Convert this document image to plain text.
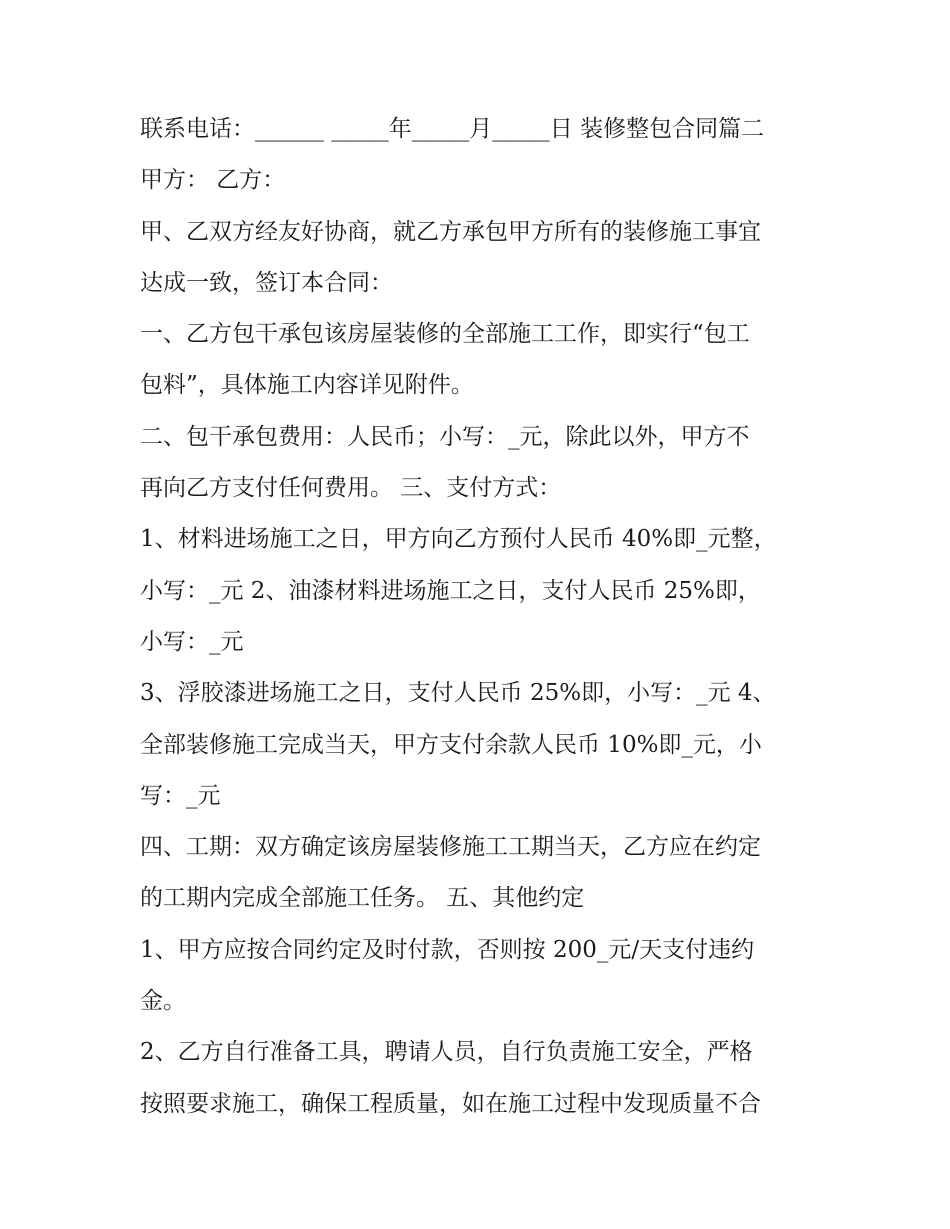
联系电话：______ _____年_____月_____日 装修整包合同篇二
甲方： 乙方：
甲、乙双方经友好协商，就乙方承包甲方所有的装修施工事宜
达成一致，签订本合同：
一、乙方包干承包该房屋装修的全部施工工作，即实行“包工
包料”，具体施工内容详见附件。
二、包干承包费用：人民币；小写：_元，除此以外，甲方不
再向乙方支付任何费用。 三、支付方式：
1、材料进场施工之日，甲方向乙方预付人民币 40%即_元整，
小写：_元 2、油漆材料进场施工之日，支付人民币 25%即，
小写：_元
3、浮胶漆进场施工之日，支付人民币 25%即，小写：_元 4、
全部装修施工完成当天，甲方支付余款人民币 10%即_元，小
写：_元
四、工期：双方确定该房屋装修施工工期当天，乙方应在约定
的工期内完成全部施工任务。 五、其他约定
1、甲方应按合同约定及时付款，否则按 200_元/天支付违约
金。
2、乙方自行准备工具，聘请人员，自行负责施工安全，严格
按照要求施工，确保工程质量，如在施工过程中发现质量不合
